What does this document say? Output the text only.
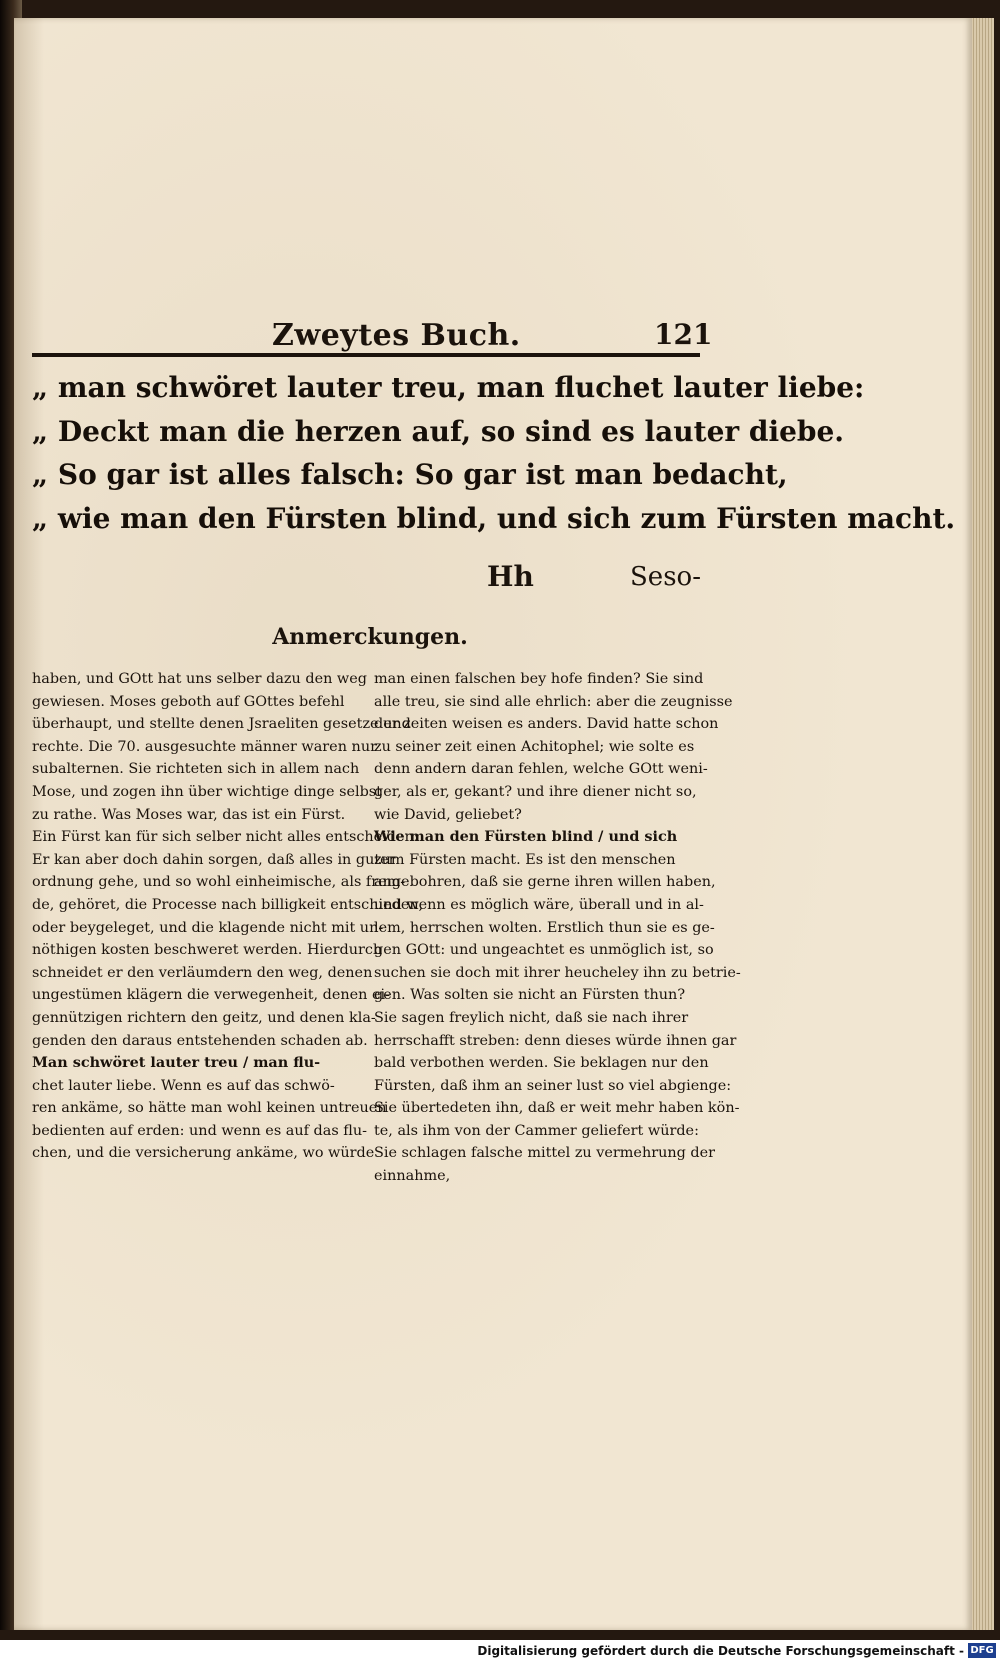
Zweytes Buch.	121
„ man schwöret lauter treu, man fluchet lauter liebe:
„ Deckt man die herzen auf, so sind es lauter diebe.
„ So gar ist alles falsch: So gar ist man bedacht,
„ wie man den Fürsten blind, und sich zum Fürsten macht.
Hh	Seso-
Anmerckungen.
haben, und GOtt hat uns selber dazu den weg
gewiesen. Moses geboth auf GOttes befehl
überhaupt, und stellte denen Jsraeliten gesetze und
rechte. Die 70. ausgesuchte männer waren nur
subalternen. Sie richteten sich in allem nach
Mose, und zogen ihn über wichtige dinge selbst
zu rathe. Was Moses war, das ist ein Fürst.
Ein Fürst kan für sich selber nicht alles entscheiden:
Er kan aber doch dahin sorgen, daß alles in guter
ordnung gehe, und so wohl einheimische, als frem-
de, gehöret, die Processe nach billigkeit entschieden,
oder beygeleget, und die klagende nicht mit un-
nöthigen kosten beschweret werden. Hierdurch
schneidet er den verläumdern den weg, denen
ungestümen klägern die verwegenheit, denen ei-
gennützigen richtern den geitz, und denen kla-
genden den daraus entstehenden schaden ab.
Man schwöret lauter treu / man flu-
chet lauter liebe. Wenn es auf das schwö-
ren ankäme, so hätte man wohl keinen untreuen
bedienten auf erden: und wenn es auf das flu-
chen, und die versicherung ankäme, wo würde
man einen falschen bey hofe finden? Sie sind
alle treu, sie sind alle ehrlich: aber die zeugnisse
der zeiten weisen es anders. David hatte schon
zu seiner zeit einen Achitophel; wie solte es
denn andern daran fehlen, welche GOtt weni-
ger, als er, gekant? und ihre diener nicht so,
wie David, geliebet?
Wie man den Fürsten blind / und sich
zum Fürsten macht. Es ist den menschen
angebohren, daß sie gerne ihren willen haben,
und wenn es möglich wäre, überall und in al-
lem, herrschen wolten. Erstlich thun sie es ge-
gen GOtt: und ungeachtet es unmöglich ist, so
suchen sie doch mit ihrer heucheley ihn zu betrie-
gen. Was solten sie nicht an Fürsten thun?
Sie sagen freylich nicht, daß sie nach ihrer
herrschafft streben: denn dieses würde ihnen gar
bald verbothen werden. Sie beklagen nur den
Fürsten, daß ihm an seiner lust so viel abgienge:
Sie übertedeten ihn, daß er weit mehr haben kön-
te, als ihm von der Cammer geliefert würde:
Sie schlagen falsche mittel zu vermehrung der
einnahme,
Digitalisierung gefördert durch die Deutsche Forschungsgemeinschaft - DFG
